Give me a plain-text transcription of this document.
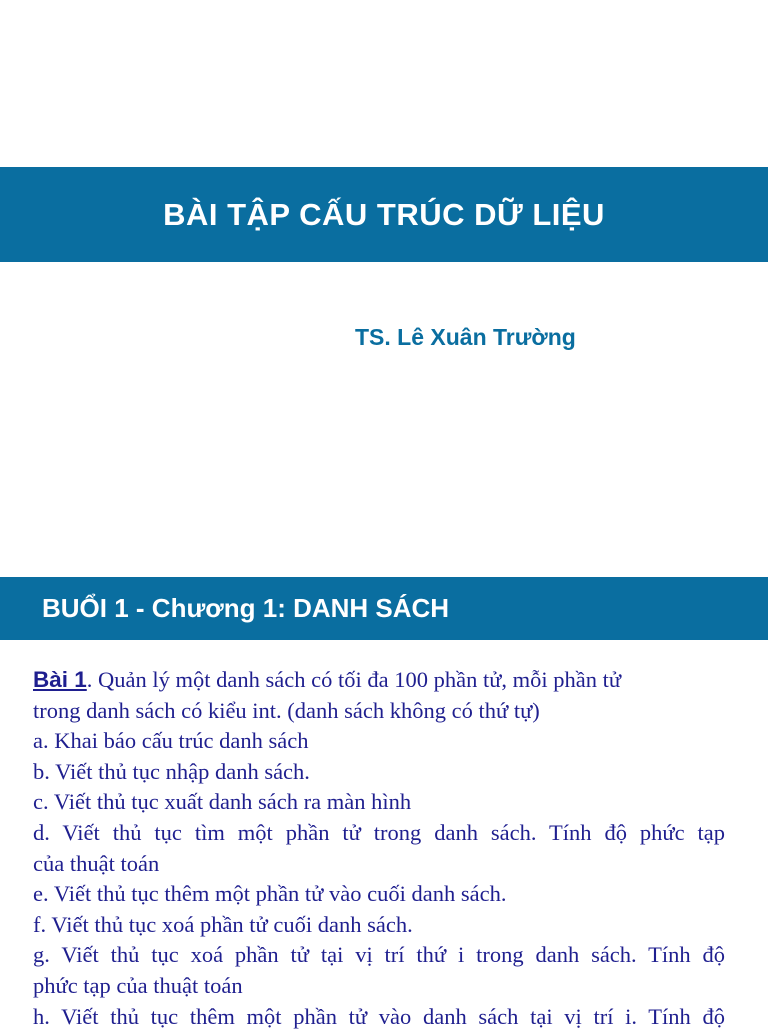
BÀI TẬP CẤU TRÚC DỮ LIỆU
TS. Lê Xuân Trường
BUỔI 1 - Chương 1: DANH SÁCH
Bài 1. Quản lý một danh sách có tối đa 100 phần tử, mỗi phần tử
trong danh sách có kiểu int. (danh sách không có thứ tự)
a. Khai báo cấu trúc danh sách
b. Viết thủ tục nhập danh sách.
c. Viết thủ tục xuất danh sách ra màn hình
d. Viết thủ tục tìm một phần tử trong danh sách. Tính độ phức tạp
của thuật toán
e. Viết thủ tục thêm một phần tử vào cuối danh sách.
f. Viết thủ tục xoá phần tử cuối danh sách.
g. Viết thủ tục xoá phần tử tại vị trí thứ i trong danh sách. Tính độ
phức tạp của thuật toán
h. Viết thủ tục thêm một phần tử vào danh sách tại vị trí i. Tính độ
